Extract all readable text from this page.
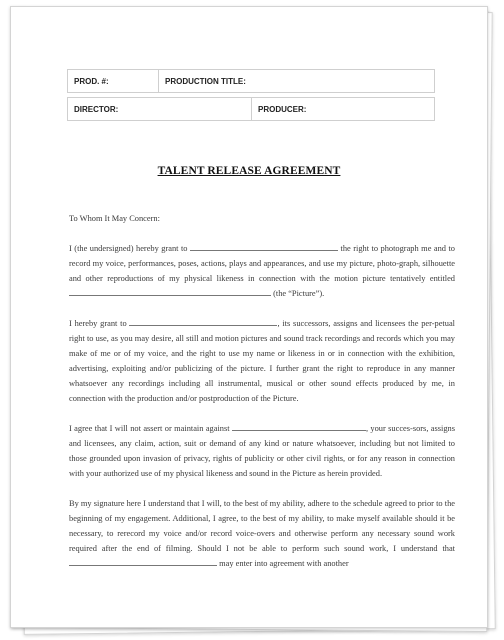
PROD. #:	PRODUCTION TITLE:
DIRECTOR:	PRODUCER:
TALENT RELEASE AGREEMENT

To Whom It May Concern:

I (the undersigned) hereby grant to	the right to photograph me and to record my voice, performances, poses, actions, plays and appearances, and use my picture, photo-graph, silhouette and other reproductions of my physical likeness in connection with the motion picture tentatively entitled  (the “Picture”).

I hereby grant to	, its successors, assigns and licensees the per-petual right to use, as you may desire, all still and motion pictures and sound track recordings and records which you may make of me or of my voice, and the right to use my name or likeness in or in connection with the exhibition, advertising, exploiting and/or publicizing of the picture. I further grant the right to reproduce in any manner whatsoever any recordings including all instrumental, musical or other sound effects produced by me, in connection with the production and/or postproduction of the Picture.

I agree that I will not assert or maintain against	, your succes-sors, assigns and licensees, any claim, action, suit or demand of any kind or nature whatsoever, including but not limited to those grounded upon invasion of privacy, rights of publicity or other civil rights, or for any reason in connection with your authorized use of my physical likeness and sound in the Picture as herein provided.

By my signature here I understand that I will, to the best of my ability, adhere to the schedule agreed to prior to the beginning of my engagement. Additional, I agree, to the best of my ability, to make myself available should it be necessary, to rerecord my voice and/or record voice-overs and otherwise perform any necessary sound work required after the end of filming. Should I not be able to perform such sound work, I understand that  may enter into agreement with another
